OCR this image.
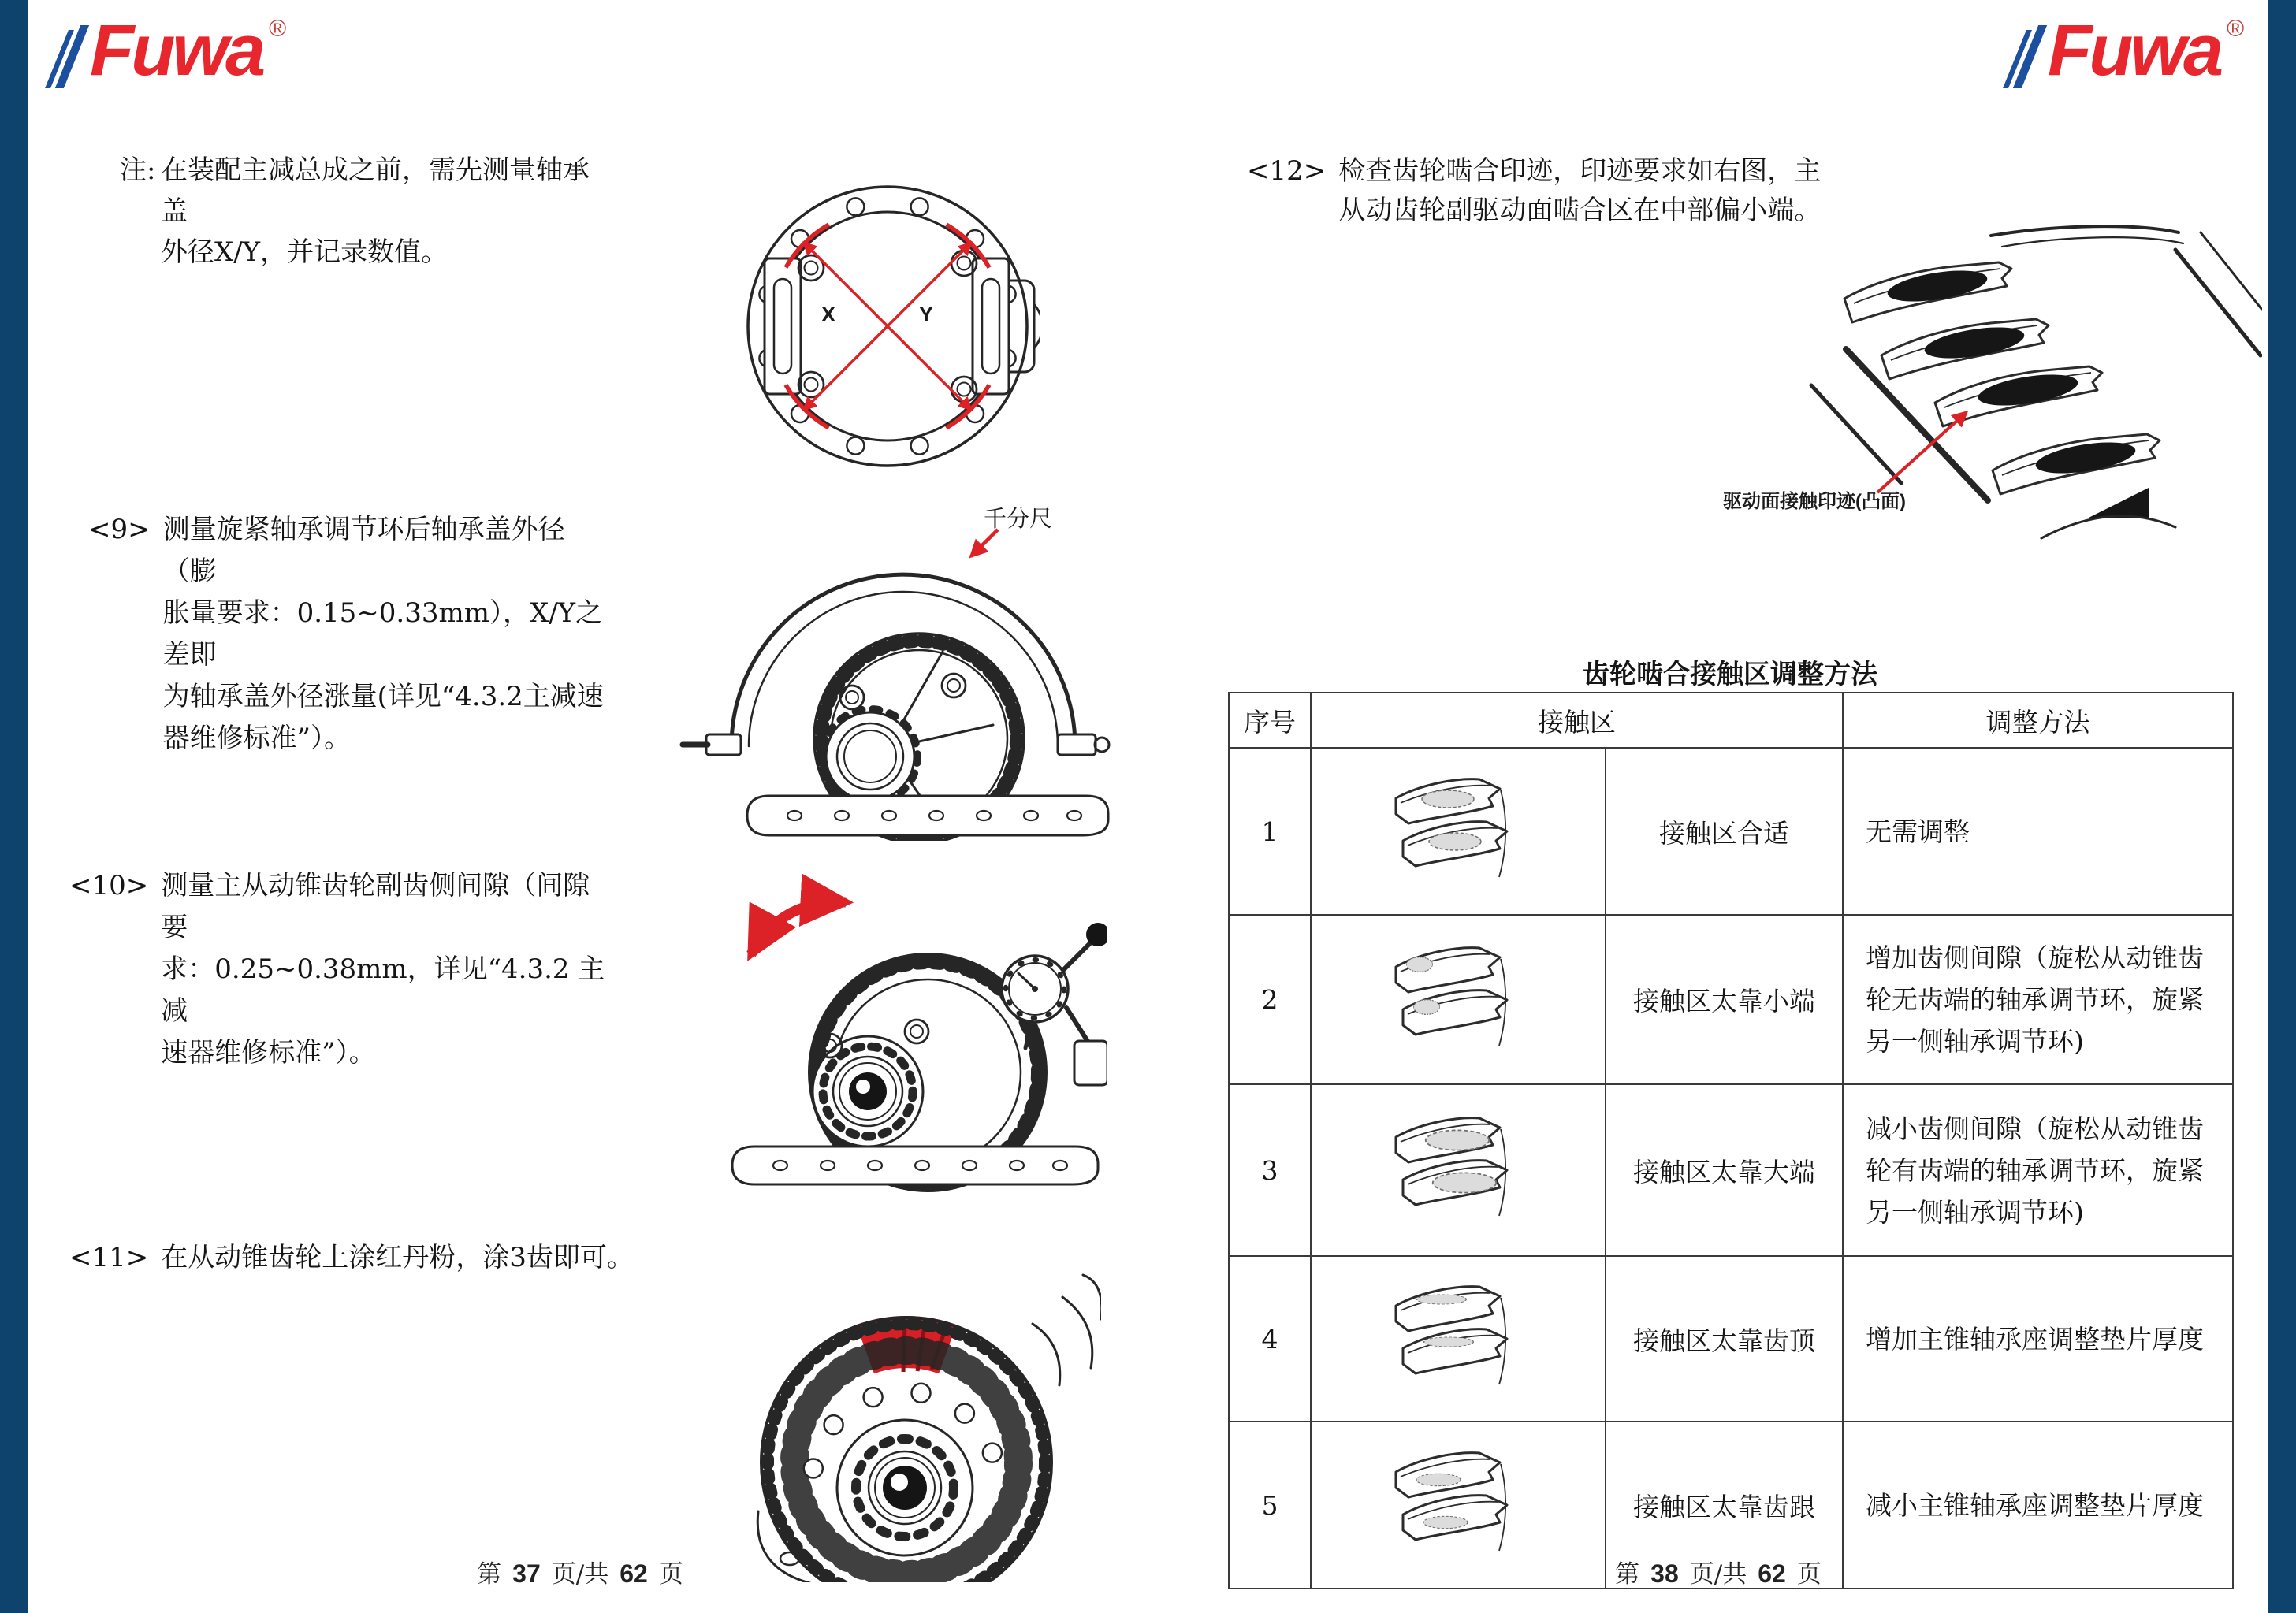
Fuwa ®
注: 在装配主减总成之前，需先测量轴承盖
外径X/Y，并记录数值。
X	Y
<9> 测量旋紧轴承调节环后轴承盖外径（膨
胀量要求：0.15~0.33mm），X/Y之差即
为轴承盖外径涨量(详见“4.3.2主减速
器维修标准”）。
千分尺
<10> 测量主从动锥齿轮副齿侧间隙（间隙要
求：0.25~0.38mm，详见“4.3.2 主减
速器维修标准”）。
<11> 在从动锥齿轮上涂红丹粉，涂3齿即可。
第 37 页/共 62 页
Fuwa ®
<12> 检查齿轮啮合印迹，印迹要求如右图，主
从动齿轮副驱动面啮合区在中部偏小端。
驱动面接触印迹(凸面)
齿轮啮合接触区调整方法
序号	接触区		调整方法
1		接触区合适	无需调整
2		接触区太靠小端	增加齿侧间隙（旋松从动锥齿轮无齿端的轴承调节环，旋紧另一侧轴承调节环)
3		接触区太靠大端	减小齿侧间隙（旋松从动锥齿轮有齿端的轴承调节环，旋紧另一侧轴承调节环)
4		接触区太靠齿顶	增加主锥轴承座调整垫片厚度
5		接触区太靠齿跟	减小主锥轴承座调整垫片厚度
第 38 页/共 62 页
